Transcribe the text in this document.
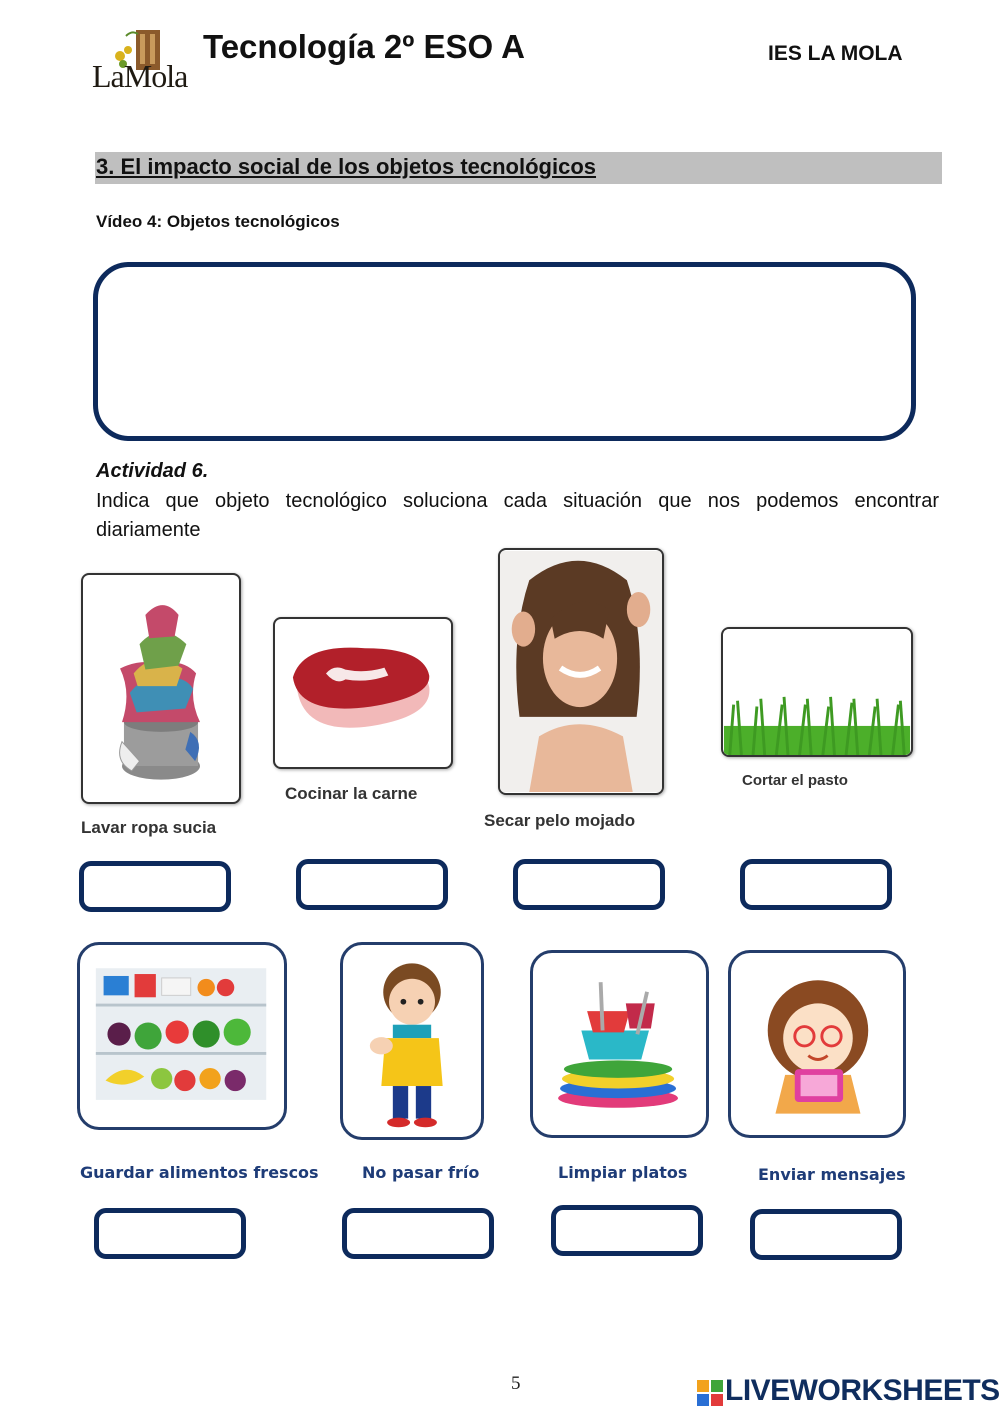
LaMola
Tecnología 2º ESO A	IES LA MOLA
3. El impacto social de los objetos tecnológicos
Vídeo 4: Objetos tecnológicos
Actividad 6.
Indica que objeto tecnológico soluciona cada situación que nos podemos encontrar diariamente
Lavar ropa sucia
Cocinar la carne
Secar pelo mojado
Cortar el pasto
Guardar alimentos frescos	No pasar frío	Limpiar platos	Enviar mensajes
5	LIVEWORKSHEETS
